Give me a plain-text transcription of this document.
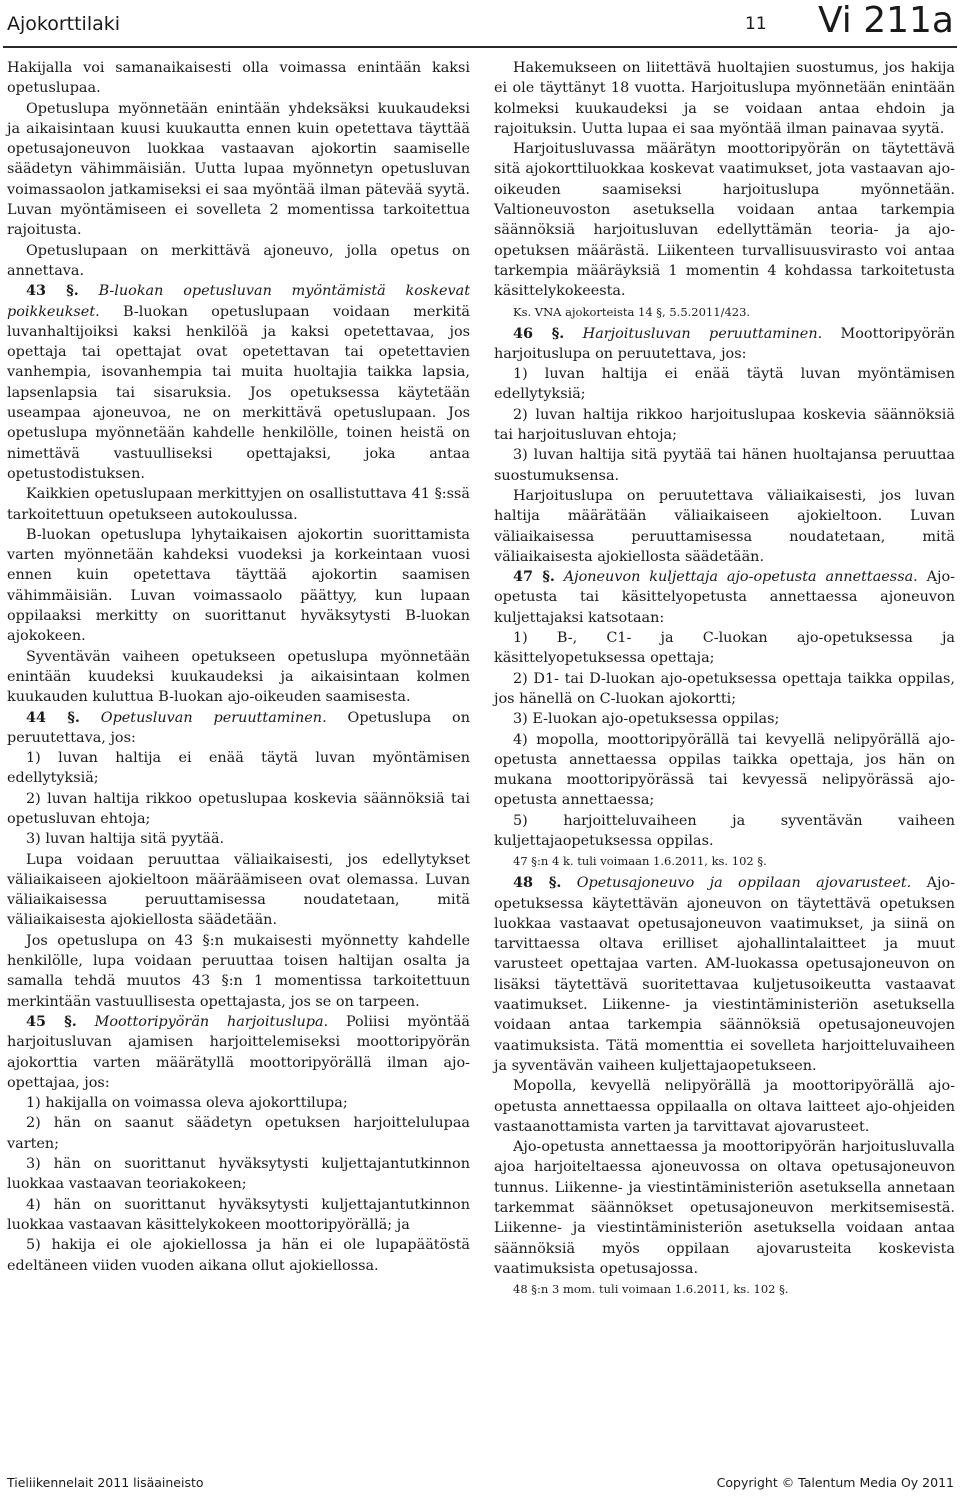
Ajokorttilaki	11 Vi 211a

Hakijalla voi samanaikaisesti olla voimassa enintään kaksi opetuslupaa.

Opetuslupa myönnetään enintään yhdeksäksi kuukaudeksi ja aikaisintaan kuusi kuukautta ennen kuin opetettava täyttää opetusajoneuvon luokkaa vastaavan ajokortin saamiselle säädetyn vähimmäisiän. Uutta lupaa myönnetyn opetusluvan voimassaolon jatkamiseksi ei saa myöntää ilman pätevää syytä. Luvan myöntämiseen ei sovelleta 2 momentissa tarkoitettua rajoitusta.

Opetuslupaan on merkittävä ajoneuvo, jolla opetus on annettava.

43 §. B-luokan opetusluvan myöntämistä koskevat poikkeukset. B-luokan opetuslupaan voidaan merkitä luvanhaltijoiksi kaksi henkilöä ja kaksi opetettavaa, jos opettaja tai opettajat ovat opetettavan tai opetettavien vanhempia, isovanhempia tai muita huoltajia taikka lapsia, lapsenlapsia tai sisaruksia. Jos opetuksessa käytetään useampaa ajoneuvoa, ne on merkittävä opetuslupaan. Jos opetuslupa myönnetään kahdelle henkilölle, toinen heistä on nimettävä vastuulliseksi opettajaksi, joka antaa opetustodistuksen.

Kaikkien opetuslupaan merkittyjen on osallistuttava 41 §:ssä tarkoitettuun opetukseen autokoulussa.

B-luokan opetuslupa lyhytaikaisen ajokortin suorittamista varten myönnetään kahdeksi vuodeksi ja korkeintaan vuosi ennen kuin opetettava täyttää ajokortin saamisen vähimmäisiän. Luvan voimassaolo päättyy, kun lupaan oppilaaksi merkitty on suorittanut hyväksytysti B-luokan ajokokeen.

Syventävän vaiheen opetukseen opetuslupa myönnetään enintään kuudeksi kuukaudeksi ja aikaisintaan kolmen kuukauden kuluttua B-luokan ajo-oikeuden saamisesta.

44 §. Opetusluvan peruuttaminen. Opetuslupa on peruutettava, jos:

1) luvan haltija ei enää täytä luvan myöntämisen edellytyksiä;

2) luvan haltija rikkoo opetuslupaa koskevia säännöksiä tai opetusluvan ehtoja;

3) luvan haltija sitä pyytää.

Lupa voidaan peruuttaa väliaikaisesti, jos edellytykset väliaikaiseen ajokieltoon määräämiseen ovat olemassa. Luvan väliaikaisessa peruuttamisessa noudatetaan, mitä väliaikaisesta ajokiellosta säädetään.

Jos opetuslupa on 43 §:n mukaisesti myönnetty kahdelle henkilölle, lupa voidaan peruuttaa toisen haltijan osalta ja samalla tehdä muutos 43 §:n 1 momentissa tarkoitettuun merkintään vastuullisesta opettajasta, jos se on tarpeen.

45 §. Moottoripyörän harjoituslupa. Poliisi myöntää harjoitusluvan ajamisen harjoittelemiseksi moottoripyörän ajokorttia varten määrätyllä moottoripyörällä ilman ajo-opettajaa, jos:

1) hakijalla on voimassa oleva ajokorttilupa;

2) hän on saanut säädetyn opetuksen harjoittelulupaa varten;

3) hän on suorittanut hyväksytysti kuljettajantutkinnon luokkaa vastaavan teoriakokeen;

4) hän on suorittanut hyväksytysti kuljettajantutkinnon luokkaa vastaavan käsittelykokeen moottoripyörällä; ja

5) hakija ei ole ajokiellossa ja hän ei ole lupapäätöstä edeltäneen viiden vuoden aikana ollut ajokiellossa.

Hakemukseen on liitettävä huoltajien suostumus, jos hakija ei ole täyttänyt 18 vuotta. Harjoituslupa myönnetään enintään kolmeksi kuukaudeksi ja se voidaan antaa ehdoin ja rajoituksin. Uutta lupaa ei saa myöntää ilman painavaa syytä.

Harjoitusluvassa määrätyn moottoripyörän on täytettävä sitä ajokorttiluokkaa koskevat vaatimukset, jota vastaavan ajo-oikeuden saamiseksi harjoituslupa myönnetään. Valtioneuvoston asetuksella voidaan antaa tarkempia säännöksiä harjoitusluvan edellyttämän teoria- ja ajo-opetuksen määrästä. Liikenteen turvallisuusvirasto voi antaa tarkempia määräyksiä 1 momentin 4 kohdassa tarkoitetusta käsittelykokeesta.

Ks. VNA ajokorteista 14 §, 5.5.2011/423.

46 §. Harjoitusluvan peruuttaminen. Moottoripyörän harjoituslupa on peruutettava, jos:

1) luvan haltija ei enää täytä luvan myöntämisen edellytyksiä;

2) luvan haltija rikkoo harjoituslupaa koskevia säännöksiä tai harjoitusluvan ehtoja;

3) luvan haltija sitä pyytää tai hänen huoltajansa peruuttaa suostumuksensa.

Harjoituslupa on peruutettava väliaikaisesti, jos luvan haltija määrätään väliaikaiseen ajokieltoon. Luvan väliaikaisessa peruuttamisessa noudatetaan, mitä väliaikaisesta ajokiellosta säädetään.

47 §. Ajoneuvon kuljettaja ajo-opetusta annettaessa. Ajo-opetusta tai käsittelyopetusta annettaessa ajoneuvon kuljettajaksi katsotaan:

1) B-, C1- ja C-luokan ajo-opetuksessa ja käsittelyopetuksessa opettaja;

2) D1- tai D-luokan ajo-opetuksessa opettaja taikka oppilas, jos hänellä on C-luokan ajokortti;

3) E-luokan ajo-opetuksessa oppilas;

4) mopolla, moottoripyörällä tai kevyellä nelipyörällä ajo-opetusta annettaessa oppilas taikka opettaja, jos hän on mukana moottoripyörässä tai kevyessä nelipyörässä ajo-opetusta annettaessa;

5) harjoitteluvaiheen ja syventävän vaiheen kuljettajaopetuksessa oppilas.

47 §:n 4 k. tuli voimaan 1.6.2011, ks. 102 §.

48 §. Opetusajoneuvo ja oppilaan ajovarusteet. Ajo-opetuksessa käytettävän ajoneuvon on täytettävä opetuksen luokkaa vastaavat opetusajoneuvon vaatimukset, ja siinä on tarvittaessa oltava erilliset ajohallintalaitteet ja muut varusteet opettajaa varten. AM-luokassa opetusajoneuvon on lisäksi täytettävä suoritettavaa kuljetusoikeutta vastaavat vaatimukset. Liikenne- ja viestintäministeriön asetuksella voidaan antaa tarkempia säännöksiä opetusajoneuvojen vaatimuksista. Tätä momenttia ei sovelleta harjoitteluvaiheen ja syventävän vaiheen kuljettajaopetukseen.

Mopolla, kevyellä nelipyörällä ja moottoripyörällä ajo-opetusta annettaessa oppilaalla on oltava laitteet ajo-ohjeiden vastaanottamista varten ja tarvittavat ajovarusteet.

Ajo-opetusta annettaessa ja moottoripyörän harjoitusluvalla ajoa harjoiteltaessa ajoneuvossa on oltava opetusajoneuvon tunnus. Liikenne- ja viestintäministeriön asetuksella annetaan tarkemmat säännökset opetusajoneuvon merkitsemisestä. Liikenne- ja viestintäministeriön asetuksella voidaan antaa säännöksiä myös oppilaan ajovarusteita koskevista vaatimuksista opetusajossa.

48 §:n 3 mom. tuli voimaan 1.6.2011, ks. 102 §.

Tieliikennelait 2011 lisäaineisto	Copyright © Talentum Media Oy 2011
